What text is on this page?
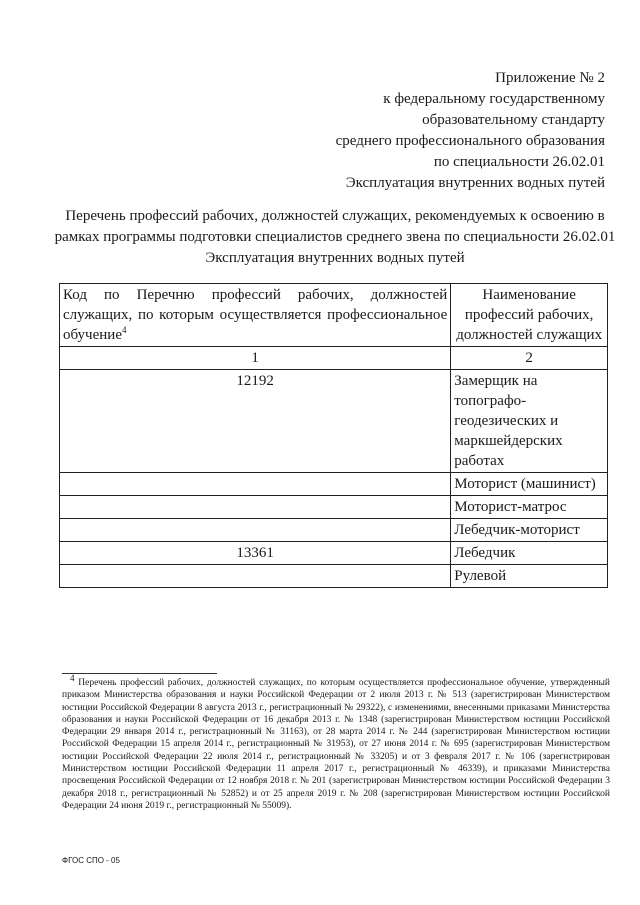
Приложение № 2
к федеральному государственному
образовательному стандарту
среднего профессионального образования
по специальности 26.02.01
Эксплуатация внутренних водных путей
Перечень профессий рабочих, должностей служащих, рекомендуемых к освоению в рамках программы подготовки специалистов среднего звена по специальности 26.02.01 Эксплуатация внутренних водных путей
Код по Перечню профессий рабочих, должностей служащих, по которым осуществляется профессиональное обучение$^4$	Наименование профессий рабочих, должностей служащих
1	2
12192	Замерщик на топографо-геодезических и маркшейдерских работах
	Моторист (машинист)
	Моторист-матрос
	Лебедчик-моторист
13361	Лебедчик
	Рулевой
$^4$ Перечень профессий рабочих, должностей служащих, по которым осуществляется профессиональное обучение, утвержденный приказом Министерства образования и науки Российской Федерации от 2 июля 2013 г. № 513 (зарегистрирован Министерством юстиции Российской Федерации 8 августа 2013 г., регистрационный № 29322), с изменениями, внесенными приказами Министерства образования и науки Российской Федерации от 16 декабря 2013 г. № 1348 (зарегистрирован Министерством юстиции Российской Федерации 29 января 2014 г., регистрационный № 31163), от 28 марта 2014 г. № 244 (зарегистрирован Министерством юстиции Российской Федерации 15 апреля 2014 г., регистрационный № 31953), от 27 июня 2014 г. № 695 (зарегистрирован Министерством юстиции Российской Федерации 22 июля 2014 г., регистрационный № 33205) и от 3 февраля 2017 г. № 106 (зарегистрирован Министерством юстиции Российской Федерации 11 апреля 2017 г., регистрационный № 46339), и приказами Министерства просвещения Российской Федерации от 12 ноября 2018 г. № 201 (зарегистрирован Министерством юстиции Российской Федерации 3 декабря 2018 г., регистрационный № 52852) и от 25 апреля 2019 г. № 208 (зарегистрирован Министерством юстиции Российской Федерации 24 июня 2019 г., регистрационный № 55009).
ФГОС СПО - 05
